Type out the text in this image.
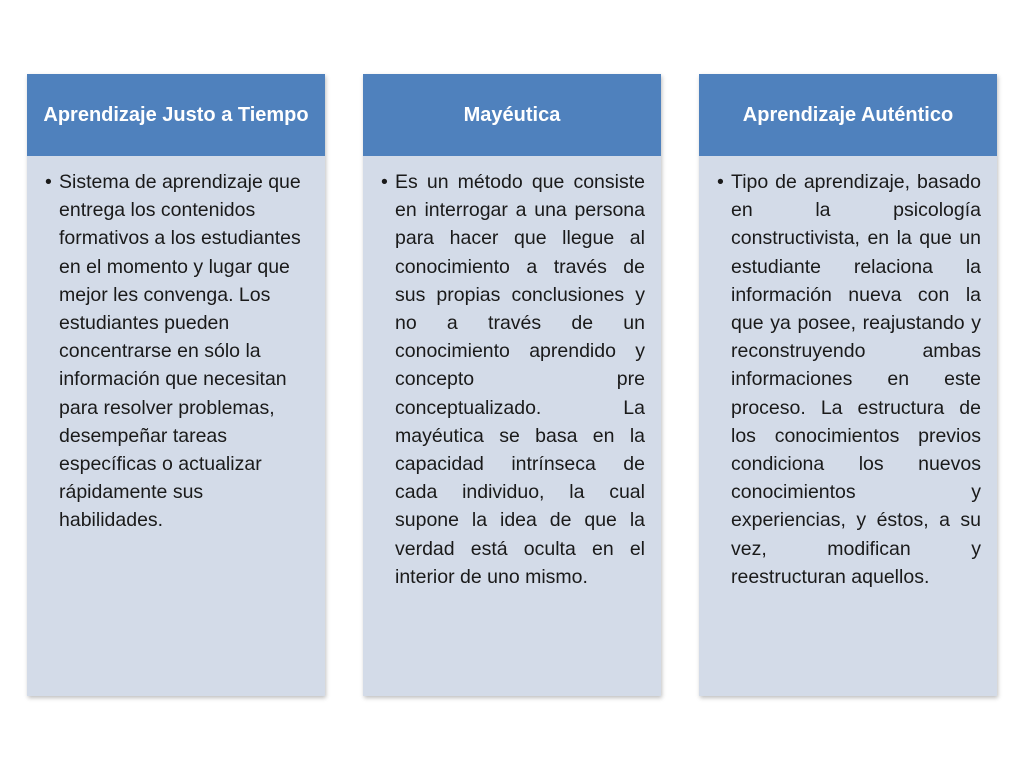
Aprendizaje Justo a Tiempo
• Sistema de aprendizaje que entrega los contenidos formativos a los estudiantes en el momento y lugar que mejor les convenga. Los estudiantes pueden concentrarse en sólo la información que necesitan para resolver problemas, desempeñar tareas específicas o actualizar rápidamente sus habilidades.
Mayéutica
• Es un método que consiste en interrogar a una persona para hacer que llegue al conocimiento a través de sus propias conclusiones y no a través de un conocimiento aprendido y concepto pre conceptualizado. La mayéutica se basa en la capacidad intrínseca de cada individuo, la cual supone la idea de que la verdad está oculta en el interior de uno mismo.
Aprendizaje Auténtico
• Tipo de aprendizaje, basado en la psicología constructivista, en la que un estudiante relaciona la información nueva con la que ya posee, reajustando y reconstruyendo ambas informaciones en este proceso. La estructura de los conocimientos previos condiciona los nuevos conocimientos y experiencias, y éstos, a su vez, modifican y reestructuran aquellos.
